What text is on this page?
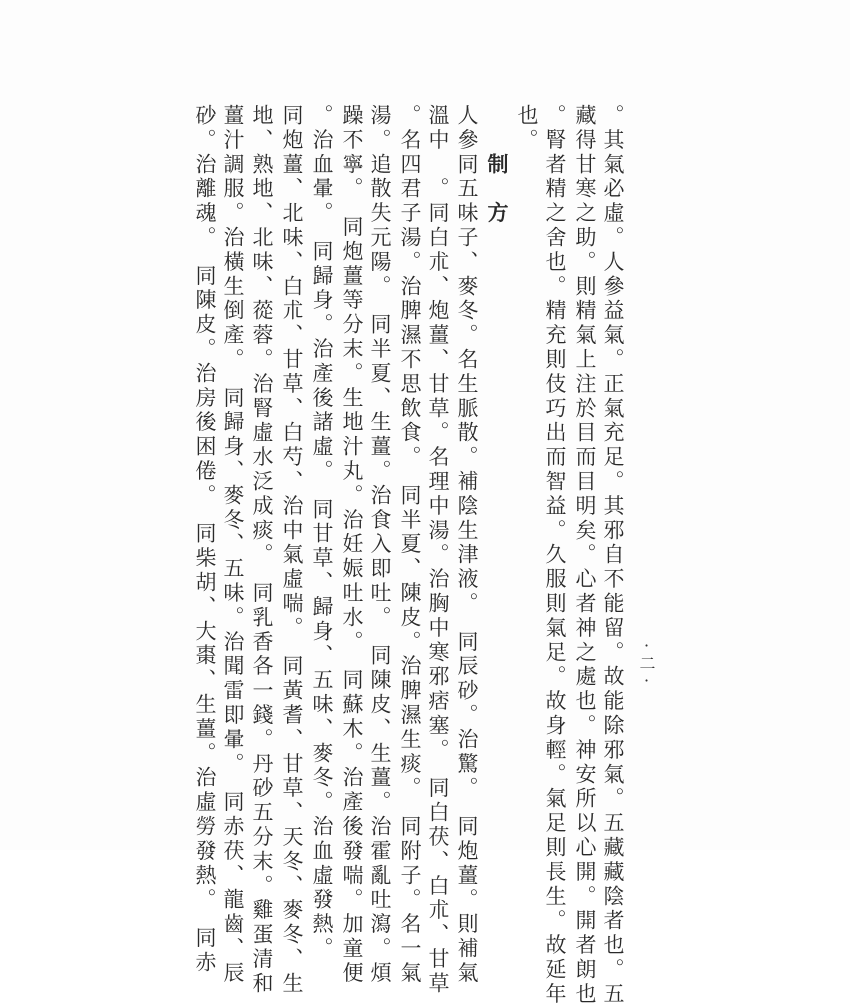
。其氣必虛。人參益氣。正氣充足。其邪自不能留。故能除邪氣。五藏藏陰者也。五
藏得甘寒之助。則精氣上注於目而目明矣。心者神之處也。神安所以心開。開者朗也
。腎者精之舍也。精充則伎巧出而智益。久服則氣足。故身輕。氣足則長生。故延年
也。
　　制　方
人參同五味子、麥冬。名生脈散。補陰生津液。　同辰砂。治驚。　同炮薑。則補氣
溫中　。同白朮、炮薑、甘草。名理中湯。治胸中寒邪痞塞。　同白茯、白朮、甘草
。名四君子湯。治脾濕不思飲食。　同半夏、陳皮。治脾濕生痰。　同附子。名一氣
湯。追散失元陽。　同半夏、生薑。治食入即吐。　同陳皮、生薑。治霍亂吐瀉。煩
躁不寧。　同炮薑等分末。生地汁丸。治妊娠吐水。　同蘇木。治產後發喘。加童便
。治血暈。　同歸身。治產後諸虛。　同甘草、歸身、五味、麥冬。治血虛發熱。
同炮薑、北味、白朮、甘草、白芍、治中氣虛喘。　同黃耆、甘草、天冬、麥冬、生
地、熟地、北味、蓯蓉。治腎虛水泛成痰。　同乳香各一錢。丹砂五分末。雞蛋清和
薑汁調服。治橫生倒產。　同歸身、麥冬、五味。治聞雷即暈。　同赤茯、龍齒、辰
砂。治離魂。　同陳皮。治房後困倦。　同柴胡、大棗、生薑。治虛勞發熱。　同赤	·二·
